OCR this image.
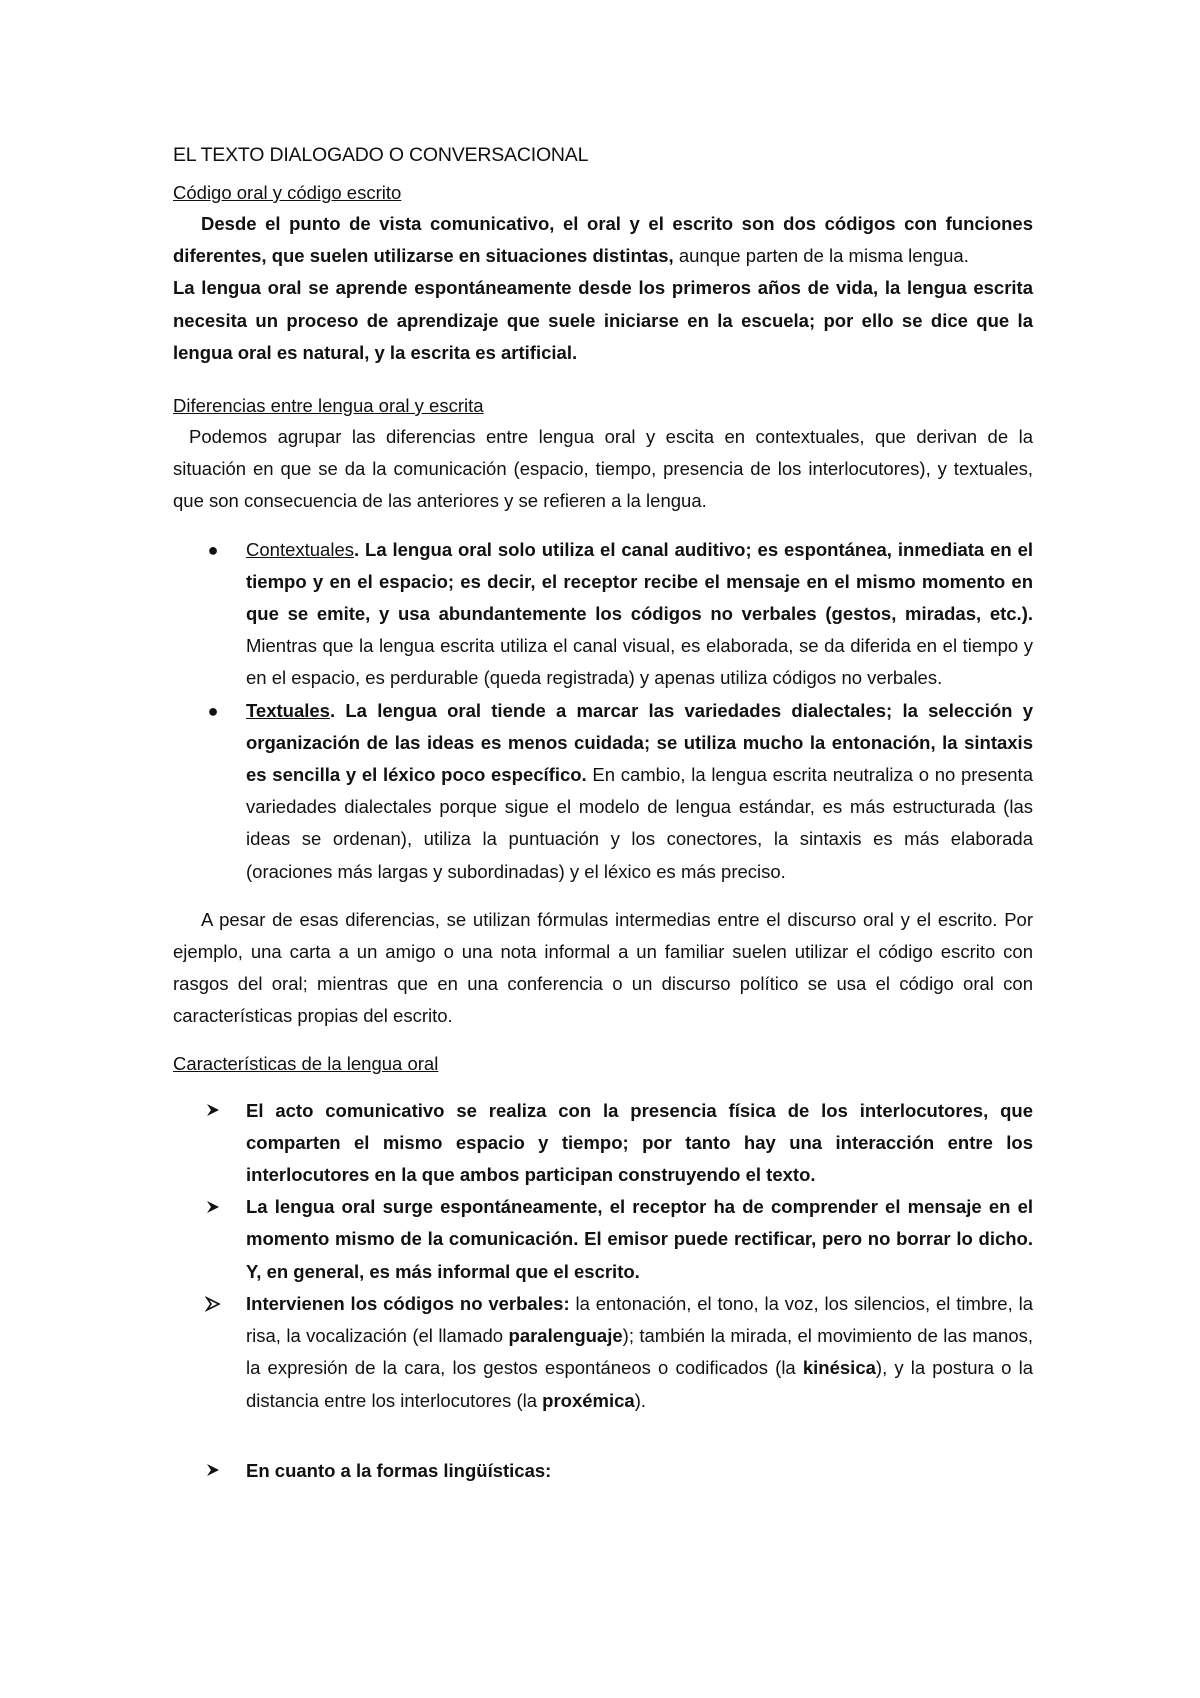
EL TEXTO DIALOGADO O CONVERSACIONAL

Código oral y código escrito

Desde el punto de vista comunicativo, el oral y el escrito son dos códigos con funciones diferentes, que suelen utilizarse en situaciones distintas, aunque parten de la misma lengua.

La lengua oral se aprende espontáneamente desde los primeros años de vida, la lengua escrita necesita un proceso de aprendizaje que suele iniciarse en la escuela; por ello se dice que la lengua oral es natural, y la escrita es artificial.

Diferencias entre lengua oral y escrita

Podemos agrupar las diferencias entre lengua oral y escita en contextuales, que derivan de la situación en que se da la comunicación (espacio, tiempo, presencia de los interlocutores), y textuales, que son consecuencia de las anteriores y se refieren a la lengua.

● Contextuales. La lengua oral solo utiliza el canal auditivo; es espontánea, inmediata en el tiempo y en el espacio; es decir, el receptor recibe el mensaje en el mismo momento en que se emite, y usa abundantemente los códigos no verbales (gestos, miradas, etc.). Mientras que la lengua escrita utiliza el canal visual, es elaborada, se da diferida en el tiempo y en el espacio, es perdurable (queda registrada) y apenas utiliza códigos no verbales.
● Textuales. La lengua oral tiende a marcar las variedades dialectales; la selección y organización de las ideas es menos cuidada; se utiliza mucho la entonación, la sintaxis es sencilla y el léxico poco específico. En cambio, la lengua escrita neutraliza o no presenta variedades dialectales porque sigue el modelo de lengua estándar, es más estructurada (las ideas se ordenan), utiliza la puntuación y los conectores, la sintaxis es más elaborada (oraciones más largas y subordinadas) y el léxico es más preciso.

A pesar de esas diferencias, se utilizan fórmulas intermedias entre el discurso oral y el escrito. Por ejemplo, una carta a un amigo o una nota informal a un familiar suelen utilizar el código escrito con rasgos del oral; mientras que en una conferencia o un discurso político se usa el código oral con características propias del escrito.

Características de la lengua oral

El acto comunicativo se realiza con la presencia física de los interlocutores, que comparten el mismo espacio y tiempo; por tanto hay una interacción entre los interlocutores en la que ambos participan construyendo el texto.
La lengua oral surge espontáneamente, el receptor ha de comprender el mensaje en el momento mismo de la comunicación. El emisor puede rectificar, pero no borrar lo dicho. Y, en general, es más informal que el escrito.
Intervienen los códigos no verbales: la entonación, el tono, la voz, los silencios, el timbre, la risa, la vocalización (el llamado paralenguaje); también la mirada, el movimiento de las manos, la expresión de la cara, los gestos espontáneos o codificados (la kinésica), y la postura o la distancia entre los interlocutores (la proxémica).
En cuanto a la formas lingüísticas:
